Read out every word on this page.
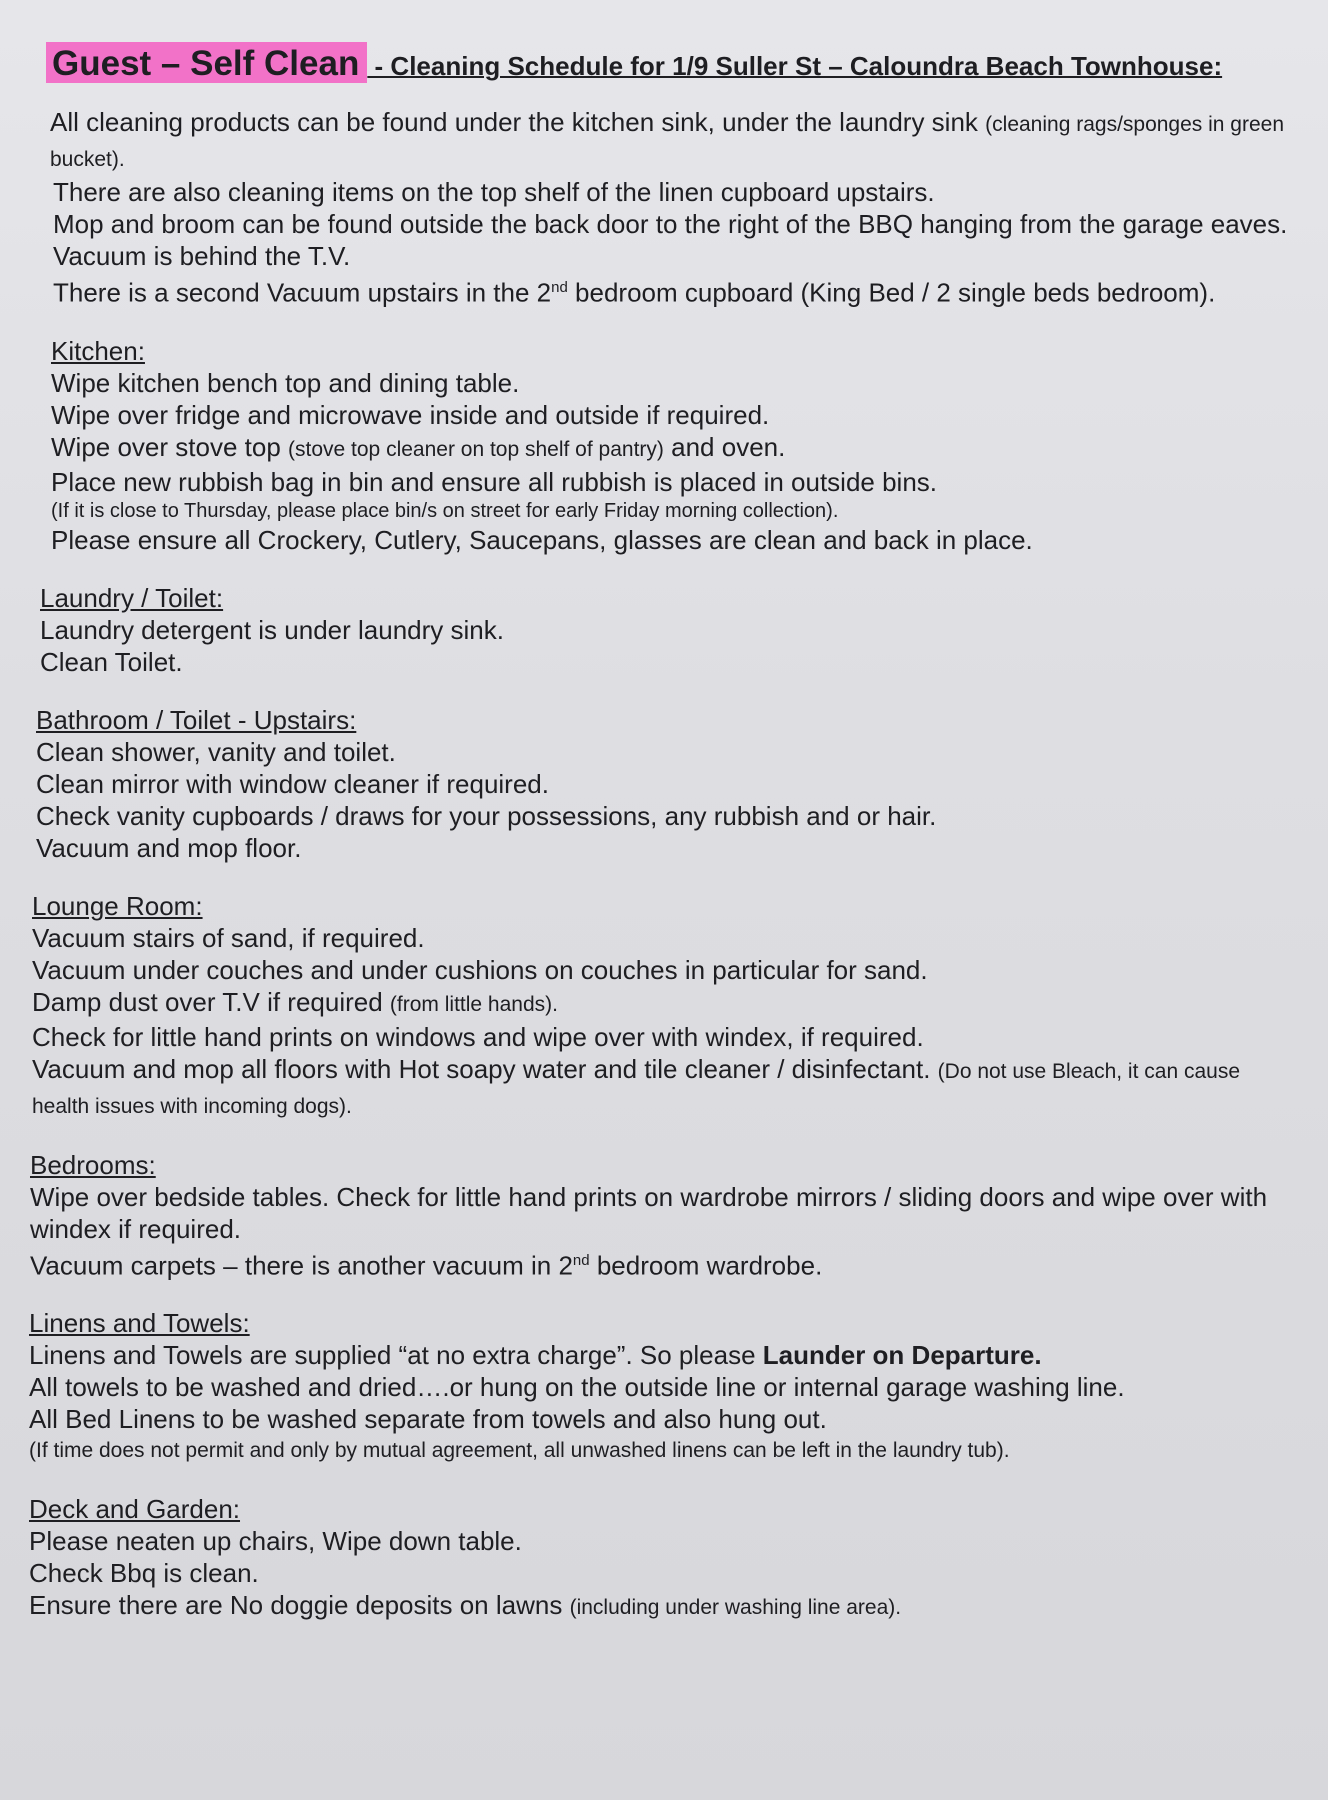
Guest – Self Clean - Cleaning Schedule for 1/9 Suller St – Caloundra Beach Townhouse:

All cleaning products can be found under the kitchen sink, under the laundry sink (cleaning rags/sponges in green bucket).

There are also cleaning items on the top shelf of the linen cupboard upstairs.

Mop and broom can be found outside the back door to the right of the BBQ hanging from the garage eaves.

Vacuum is behind the T.V.

There is a second Vacuum upstairs in the 2nd bedroom cupboard (King Bed / 2 single beds bedroom).

Kitchen:

Wipe kitchen bench top and dining table.

Wipe over fridge and microwave inside and outside if required.

Wipe over stove top (stove top cleaner on top shelf of pantry) and oven.

Place new rubbish bag in bin and ensure all rubbish is placed in outside bins.

(If it is close to Thursday, please place bin/s on street for early Friday morning collection).

Please ensure all Crockery, Cutlery, Saucepans, glasses are clean and back in place.

Laundry / Toilet:

Laundry detergent is under laundry sink.

Clean Toilet.

Bathroom / Toilet - Upstairs:

Clean shower, vanity and toilet.

Clean mirror with window cleaner if required.

Check vanity cupboards / draws for your possessions, any rubbish and or hair.

Vacuum and mop floor.

Lounge Room:

Vacuum stairs of sand, if required.

Vacuum under couches and under cushions on couches in particular for sand.

Damp dust over T.V if required (from little hands).

Check for little hand prints on windows and wipe over with windex, if required.

Vacuum and mop all floors with Hot soapy water and tile cleaner / disinfectant. (Do not use Bleach, it can cause health issues with incoming dogs).

Bedrooms:

Wipe over bedside tables. Check for little hand prints on wardrobe mirrors / sliding doors and wipe over with windex if required.

Vacuum carpets – there is another vacuum in 2nd bedroom wardrobe.

Linens and Towels:

Linens and Towels are supplied “at no extra charge”. So please Launder on Departure.

All towels to be washed and dried….or hung on the outside line or internal garage washing line.

All Bed Linens to be washed separate from towels and also hung out.

(If time does not permit and only by mutual agreement, all unwashed linens can be left in the laundry tub).

Deck and Garden:

Please neaten up chairs, Wipe down table.

Check Bbq is clean.

Ensure there are No doggie deposits on lawns (including under washing line area).
